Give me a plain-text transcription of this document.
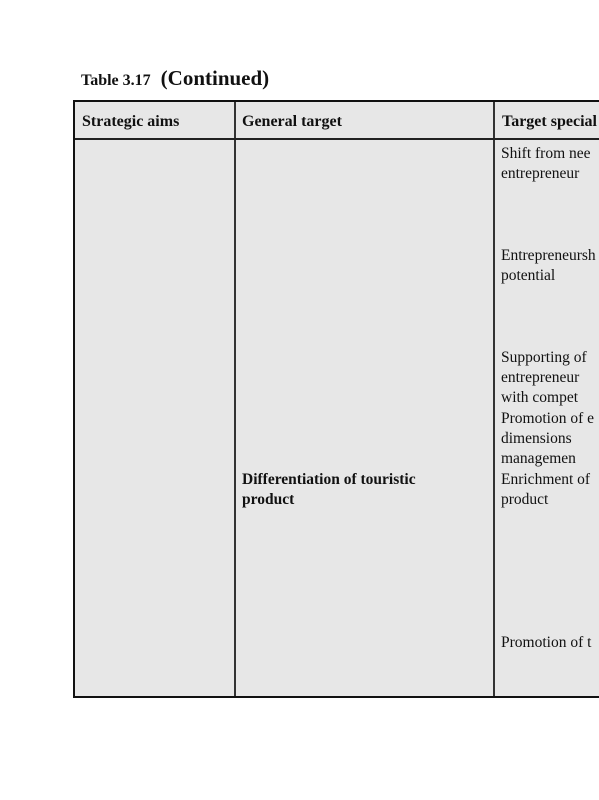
Table 3.17 (Continued)
Strategic aims	General target	Target special
Differentiation of touristic
product
Shift from nee
entrepreneur
Entrepreneursh
potential
Supporting of
entrepreneur
with compet
Promotion of e
dimensions
managemen
Enrichment of
product
Promotion of t
